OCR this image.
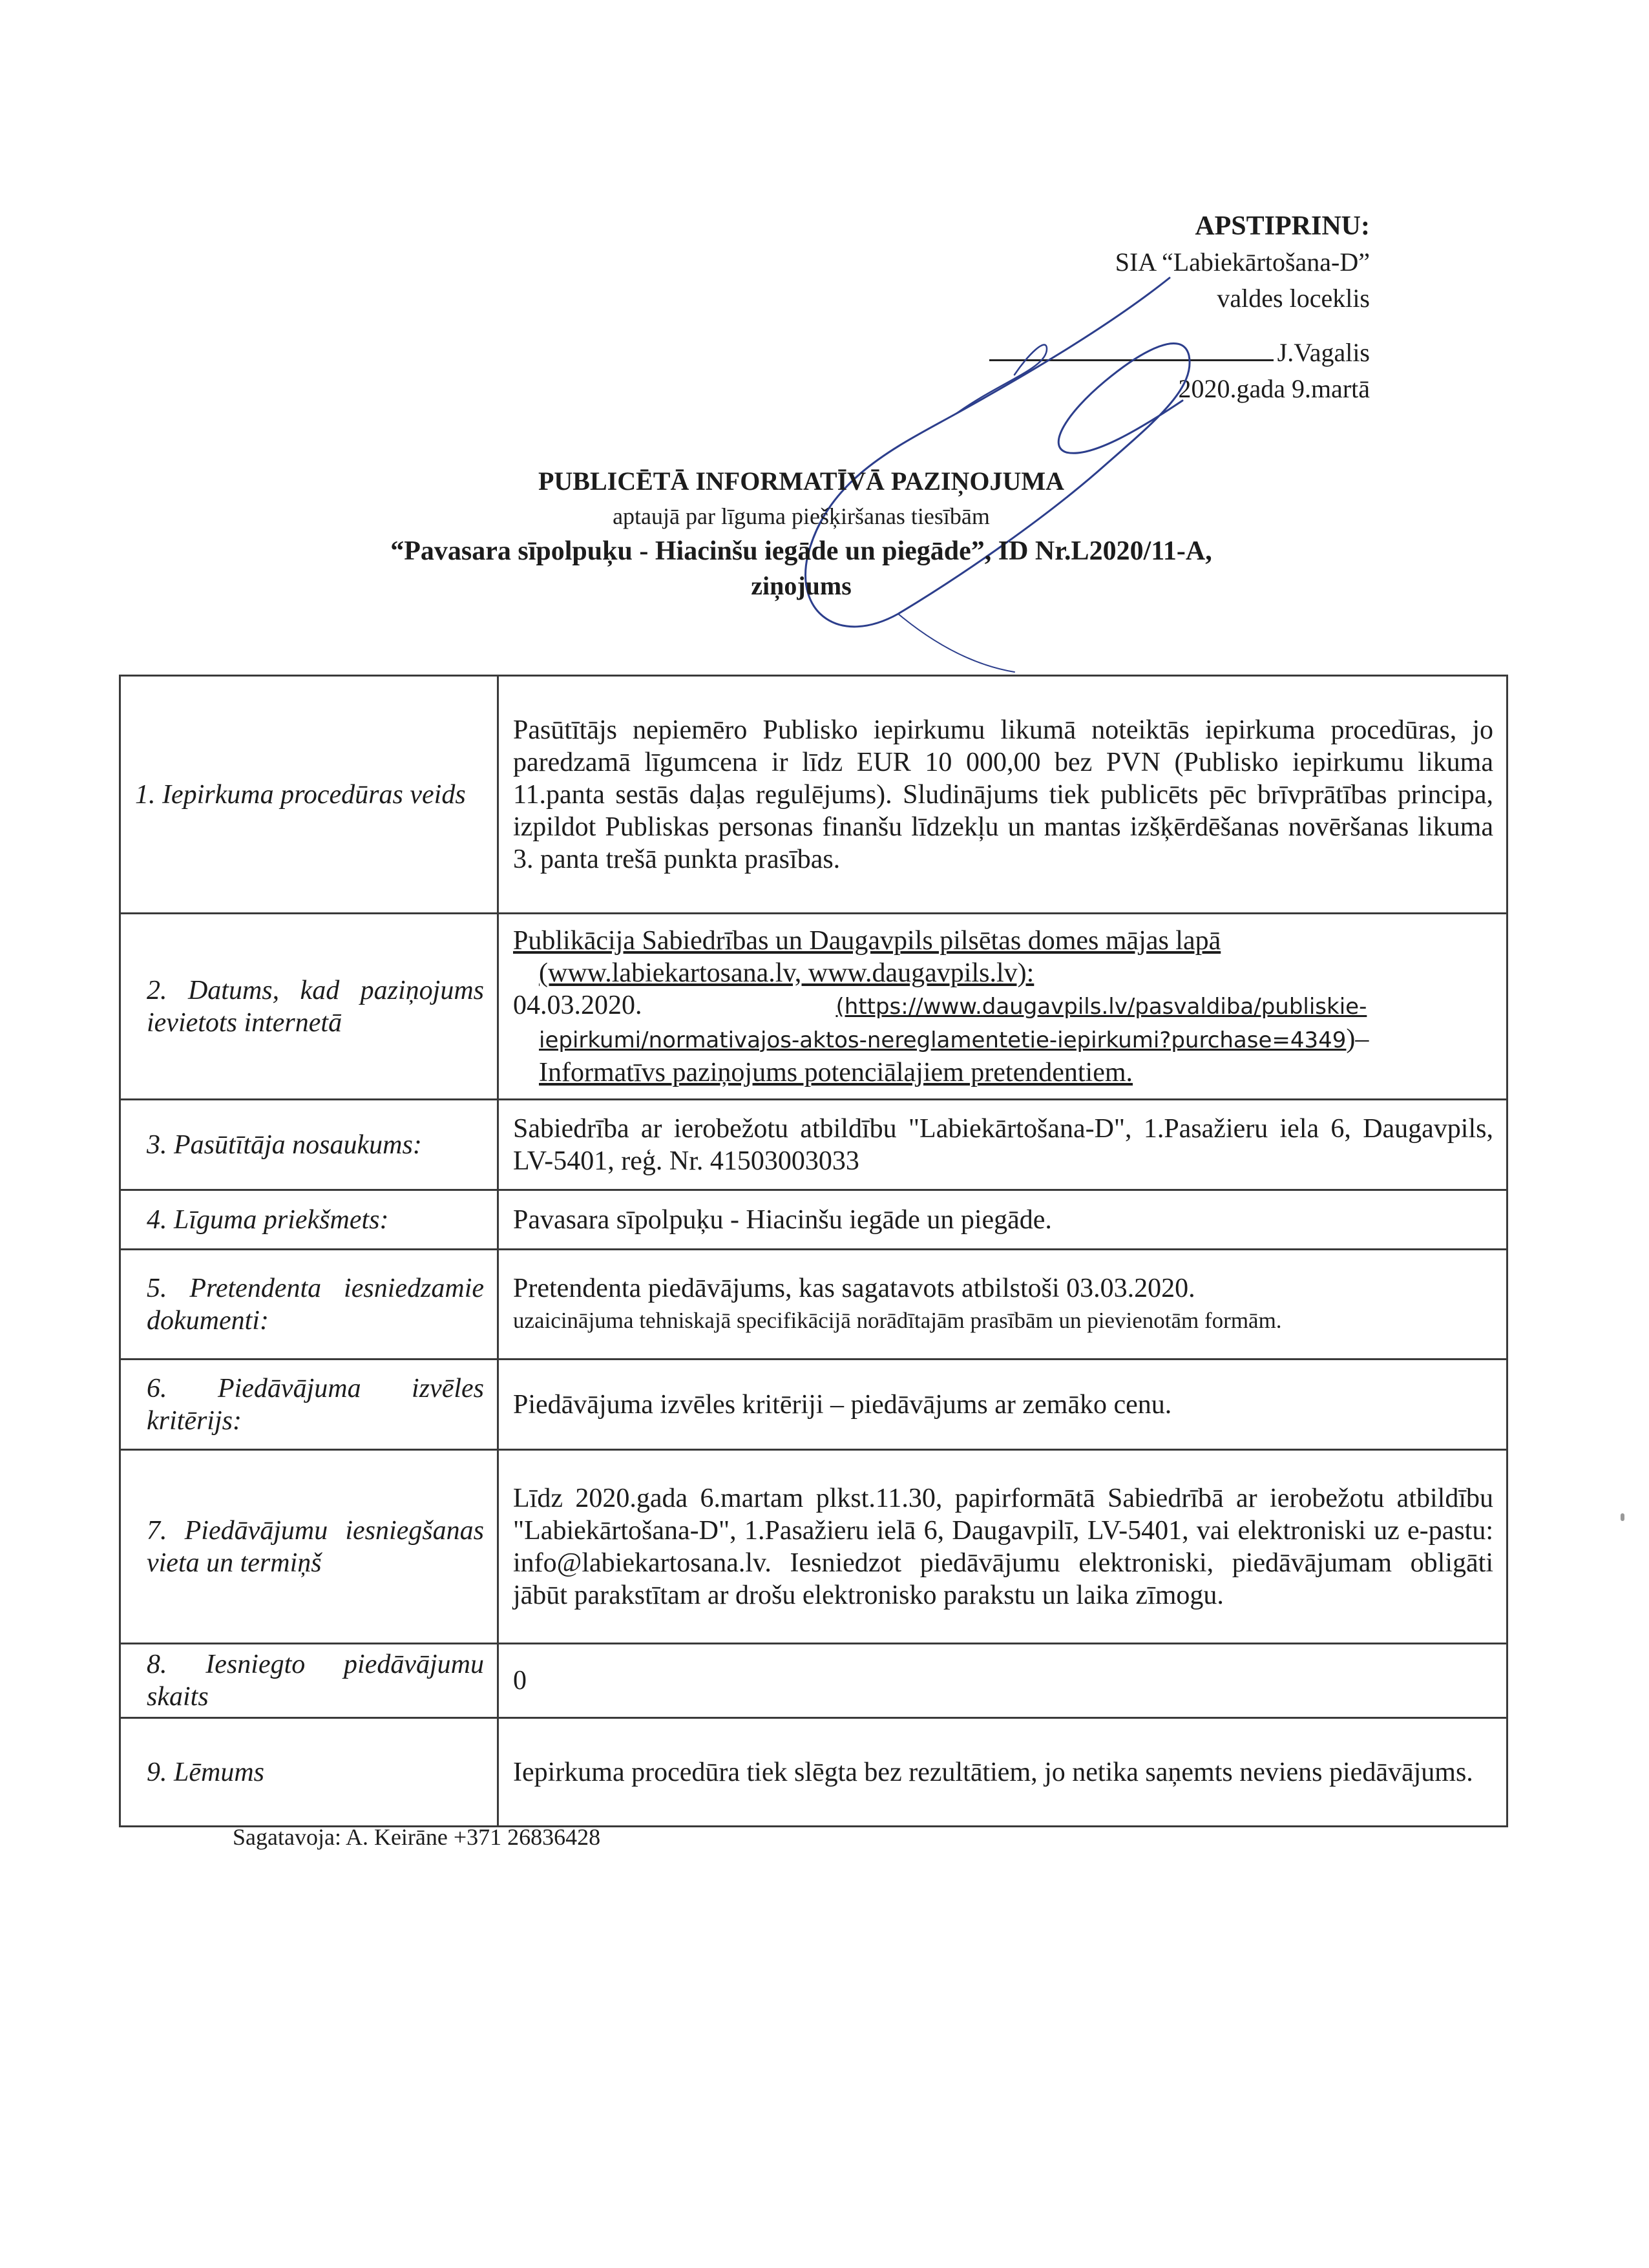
APSTIPRINU:
SIA “Labiekārtošana-D”
valdes loceklis
J.Vagalis
2020.gada 9.martā
PUBLICĒTĀ INFORMATĪVĀ PAZIŅOJUMA
aptaujā par līguma piešķiršanas tiesībām
“Pavasara sīpolpuķu - Hiacinšu iegāde un piegāde”, ID Nr.L2020/11-A,
ziņojums
1. Iepirkuma procedūras veids	Pasūtītājs nepiemēro Publisko iepirkumu likumā noteiktās iepirkuma procedūras, jo paredzamā līgumcena ir līdz EUR 10 000,00 bez PVN (Publisko iepirkumu likuma 11.panta sestās daļas regulējums). Sludinājums tiek publicēts pēc brīvprātības principa, izpildot Publiskas personas finanšu līdzekļu un mantas izšķērdēšanas novēršanas likuma 3. panta trešā punkta prasības.
2. Datums, kad paziņojums ievietots internetā	Publikācija Sabiedrības un Daugavpils pilsētas domes mājas lapā
(www.labiekartosana.lv, www.daugavpils.lv):
04.03.2020. (https://www.daugavpils.lv/pasvaldiba/publiskie-
iepirkumi/normativajos-aktos-nereglamentetie-iepirkumi?purchase=4349)–
Informatīvs paziņojums potenciālajiem pretendentiem.

3. Pasūtītāja nosaukums:	Sabiedrība ar ierobežotu atbildību "Labiekārtošana-D", 1.Pasažieru iela 6, Daugavpils, LV-5401, reģ. Nr. 41503003033
4. Līguma priekšmets:	Pavasara sīpolpuķu - Hiacinšu iegāde un piegāde.
5. Pretendenta iesniedzamie dokumenti:	Pretendenta piedāvājums, kas sagatavots atbilstoši 03.03.2020.
uzaicinājuma tehniskajā specifikācijā norādītajām prasībām un pievienotām formām.

6. Piedāvājuma izvēles kritērijs:	Piedāvājuma izvēles kritēriji – piedāvājums ar zemāko cenu.
7. Piedāvājumu iesniegšanas vieta un termiņš	Līdz 2020.gada 6.martam plkst.11.30, papirformātā Sabiedrībā ar ierobežotu atbildību "Labiekārtošana-D", 1.Pasažieru ielā 6, Daugavpilī, LV-5401, vai elektroniski uz e-pastu: info@labiekartosana.lv. Iesniedzot piedāvājumu elektroniski, piedāvājumam obligāti jābūt parakstītam ar drošu elektronisko parakstu un laika zīmogu.
8. Iesniegto piedāvājumu skaits	0
9. Lēmums	Iepirkuma procedūra tiek slēgta bez rezultātiem, jo netika saņemts neviens piedāvājums.
Sagatavoja: A. Keirāne +371 26836428
